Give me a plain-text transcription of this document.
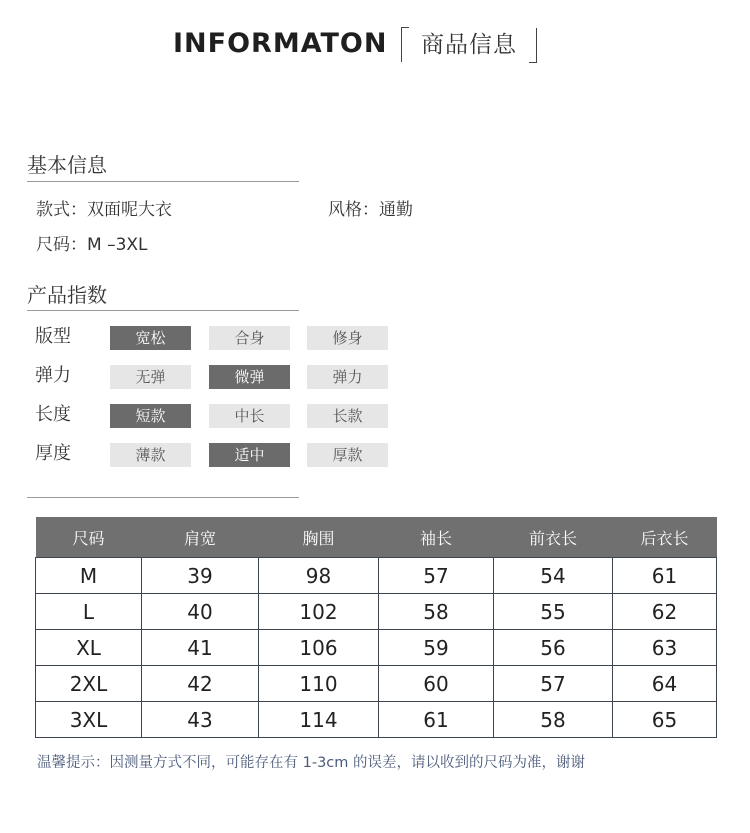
INFORMATON	商品信息
基本信息
款式：双面呢大衣	风格：通勤
尺码：M –3XL
产品指数
版型	宽松	合身	修身
弹力	无弹	微弹	弹力
长度	短款	中长	长款
厚度	薄款	适中	厚款
尺码	肩宽	胸围	袖长	前衣长	后衣长
M	39	98	57	54	61
L	40	102	58	55	62
XL	41	106	59	56	63
2XL	42	110	60	57	64
3XL	43	114	61	58	65
温馨提示：因测量方式不同，可能存在有 1-3cm 的误差，请以收到的尺码为准，谢谢
